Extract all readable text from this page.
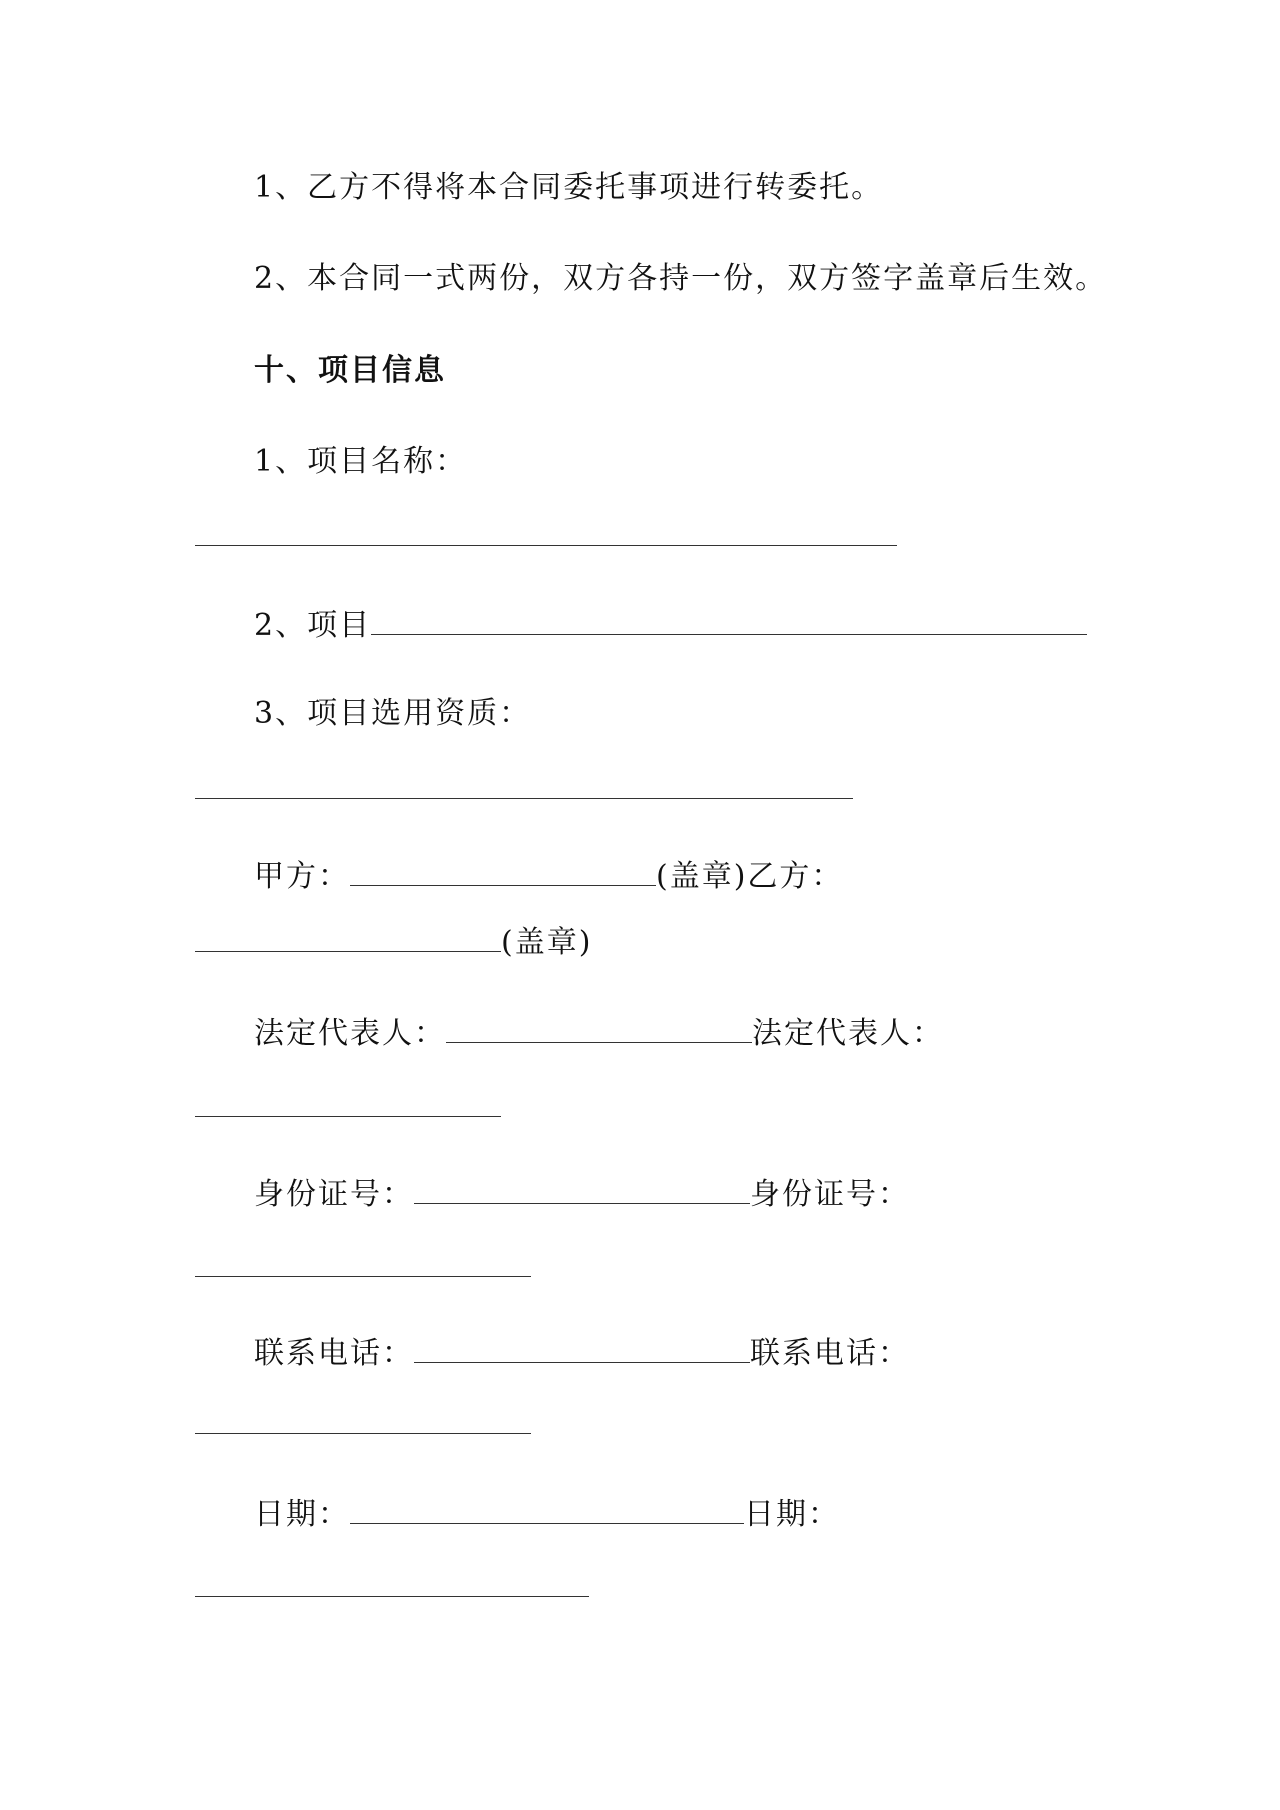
1、乙方不得将本合同委托事项进行转委托。
2、本合同一式两份，双方各持一份，双方签字盖章后生效。
十、项目信息
1、项目名称：
2、项目
3、项目选用资质：
甲方：	(盖章)乙方：
(盖章)
法定代表人：	法定代表人：
身份证号：	身份证号：
联系电话：	联系电话：
日期：	日期：
